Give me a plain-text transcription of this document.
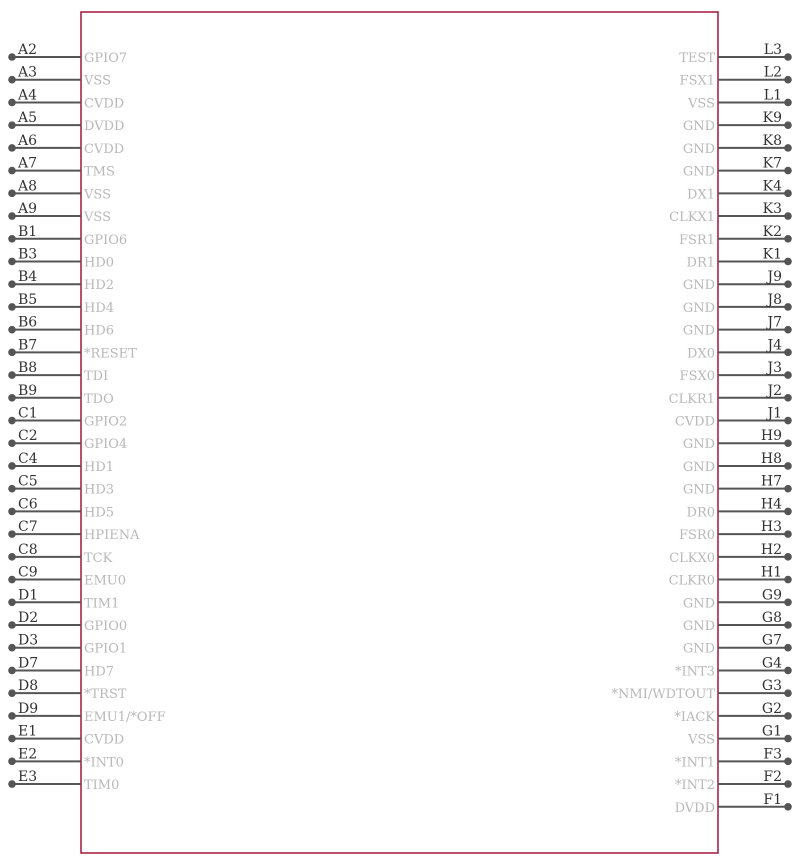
A2
GPIO7
A3
VSS
A4
CVDD
A5
DVDD
A6
CVDD
A7
TMS
A8
VSS
A9
VSS
B1
GPIO6
B3
HD0
B4
HD2
B5
HD4
B6
HD6
B7
*RESET
B8
TDI
B9
TDO
C1
GPIO2
C2
GPIO4
C4
HD1
C5
HD3
C6
HD5
C7
HPIENA
C8
TCK
C9
EMU0
D1
TIM1
D2
GPIO0
D3
GPIO1
D7
HD7
D8
*TRST
D9
EMU1/*OFF
E1
CVDD
E2
*INT0
E3
TIM0
L3
TEST
L2
FSX1
L1
VSS
K9
GND
K8
GND
K7
GND
K4
DX1
K3
CLKX1
K2
FSR1
K1
DR1
J9
GND
J8
GND
J7
GND
J4
DX0
J3
FSX0
J2
CLKR1
J1
CVDD
H9
GND
H8
GND
H7
GND
H4
DR0
H3
FSR0
H2
CLKX0
H1
CLKR0
G9
GND
G8
GND
G7
GND
G4
*INT3
G3
*NMI/WDTOUT
G2
*IACK
G1
VSS
F3
*INT1
F2
*INT2
F1
DVDD
